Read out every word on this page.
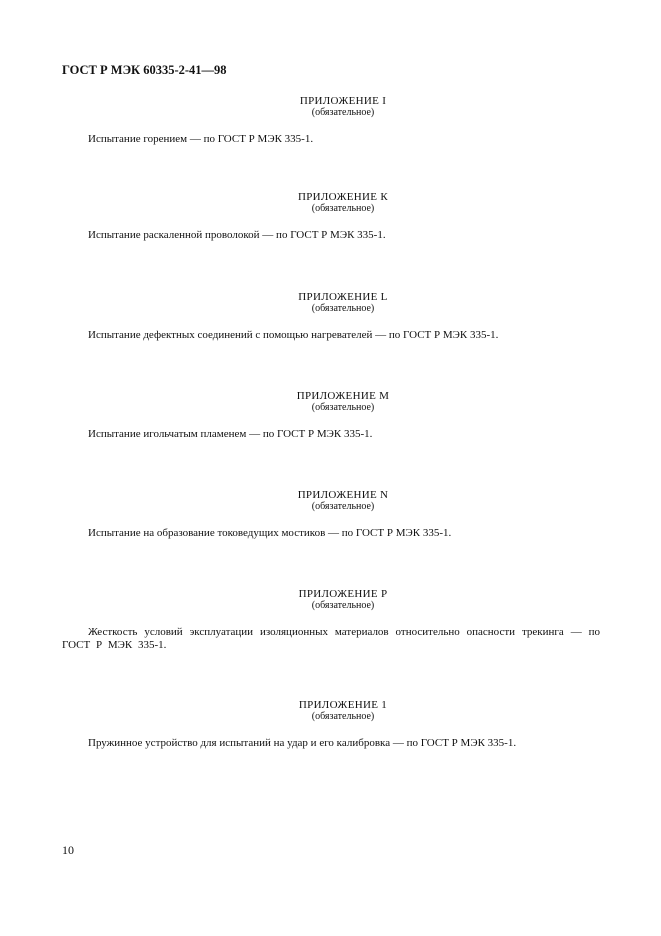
ГОСТ Р МЭК 60335-2-41—98
ПРИЛОЖЕНИЕ I
(обязательное)
Испытание горением — по ГОСТ Р МЭК 335-1.
ПРИЛОЖЕНИЕ К
(обязательное)
Испытание раскаленной проволокой — по ГОСТ Р МЭК 335-1.
ПРИЛОЖЕНИЕ L
(обязательное)
Испытание дефектных соединений с помощью нагревателей — по ГОСТ Р МЭК 335-1.
ПРИЛОЖЕНИЕ М
(обязательное)
Испытание игольчатым пламенем — по ГОСТ Р МЭК 335-1.
ПРИЛОЖЕНИЕ N
(обязательное)
Испытание на образование токоведущих мостиков — по ГОСТ Р МЭК 335-1.
ПРИЛОЖЕНИЕ Р
(обязательное)
Жесткость условий эксплуатации изоляционных материалов относительно опасности трекинга — по ГОСТ Р МЭК 335-1.
ПРИЛОЖЕНИЕ 1
(обязательное)
Пружинное устройство для испытаний на удар и его калибровка — по ГОСТ Р МЭК 335-1.
10
